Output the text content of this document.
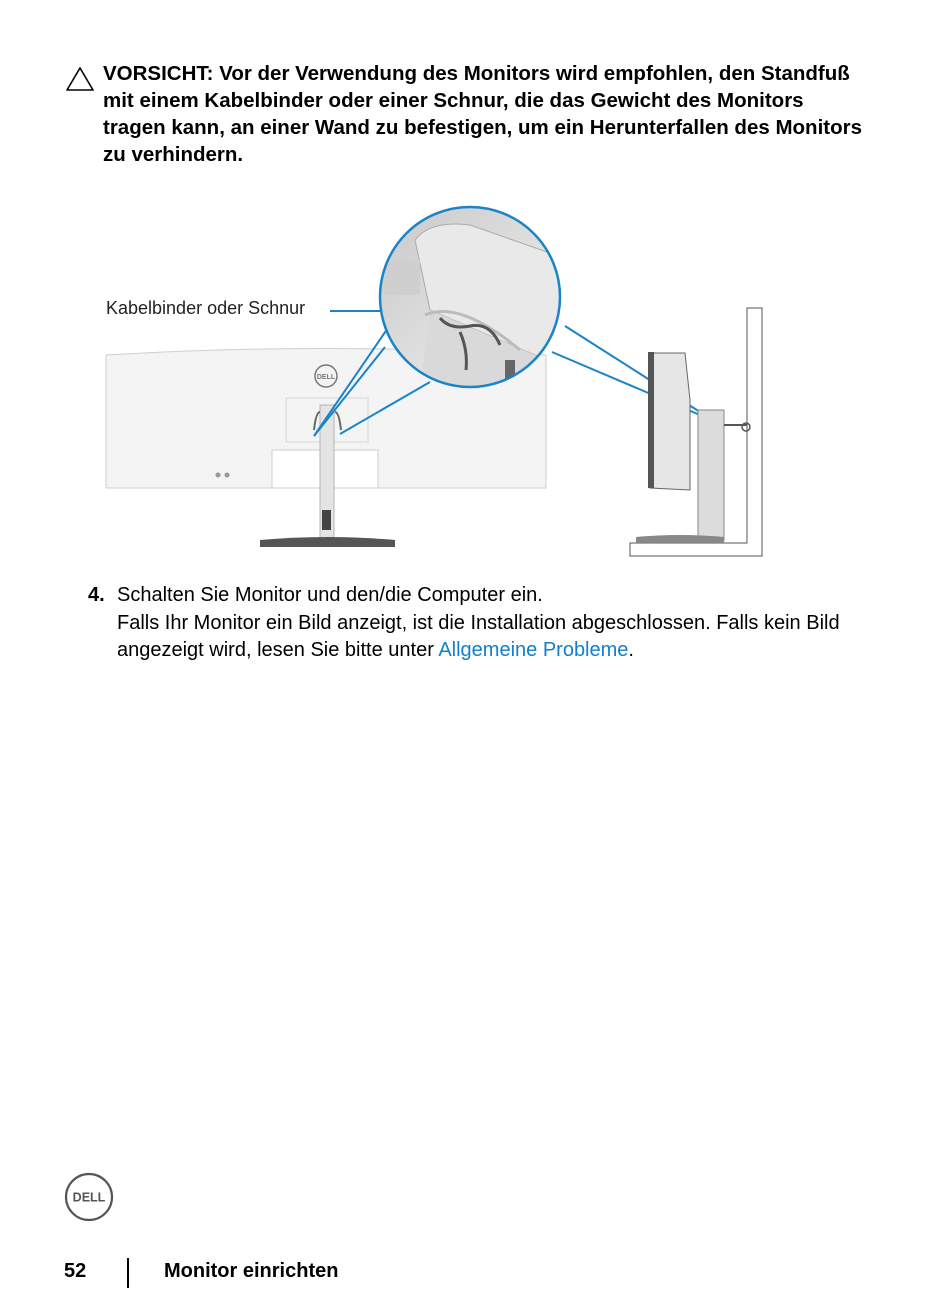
VORSICHT: Vor der Verwendung des Monitors wird empfohlen, den Standfuß mit einem Kabelbinder oder einer Schnur, die das Gewicht des Monitors tragen kann, an einer Wand zu befestigen, um ein Herunterfallen des Monitors zu verhindern.
DELL
Kabelbinder oder Schnur
4. Schalten Sie Monitor und den/die Computer ein.
Falls Ihr Monitor ein Bild anzeigt, ist die Installation abgeschlossen. Falls kein Bild angezeigt wird, lesen Sie bitte unter Allgemeine Probleme.
DELL
52	Monitor einrichten
